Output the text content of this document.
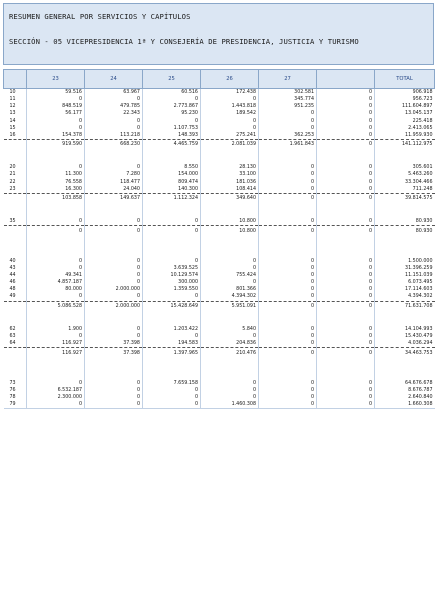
RESUMEN GENERAL POR SERVICIOS Y CAPÍTULOS
SECCIÓN - 05 VICEPRESIDENCIA 1ª Y CONSEJERÍA DE PRESIDENCIA, JUSTICIA Y TURISMO
	23	24	25	26	27		TOTAL
10	59.516	63.967	60.516	172.438	302.581	0	906.918
11	0	0	0	0	345.774	0	956.723
12	848.519	479.785	2.773.867	1.443.818	951.235	0	111.604.897
13	56.177	22.343	95.230	189.542	0	0	13.045.137
14	0	0	0	0	0	0	225.418
15	0	0	1.107.753	0	0	0	2.413.065
16	154.378	113.218	148.393	275.241	362.253	0	11.959.930
	919.590	668.230	4.465.759	2.081.039	1.961.843	0	141.112.975

20	0	0	8.550	28.130	0	0	305.601
21	11.300	7.280	154.000	33.100	0	0	5.463.260
22	76.558	118.477	809.474	181.036	0	0	33.304.466
23	16.300	24.040	140.300	108.414	0	0	711.248
	103.858	149.637	1.112.324	349.640	0	0	39.814.575

35	0	0	0	10.800	0	0	80.930
	0	0	0	10.800	0	0	80.930

40	0	0	0	0	0	0	1.500.000
43	0	0	3.639.525	0	0	0	31.396.259
44	49.341	0	10.129.574	755.424	0	0	11.151.039
46	4.857.187	0	300.000	0	0	0	6.073.495
48	80.000	2.000.000	1.359.550	801.366	0	0	17.114.603
49	0	0	0	4.394.302	0	0	4.394.302
	5.086.528	2.000.000	15.428.649	5.951.091	0	0	71.631.708

62	1.900	0	1.203.422	5.840	0	0	14.104.993
63	0	0	0	0	0	0	15.430.479
64	116.927	37.398	194.583	204.836	0	0	4.036.294
	116.927	37.398	1.397.965	210.476	0	0	34.463.753

73	0	0	7.659.158	0	0	0	64.676.678
76	6.532.187	0	0	0	0	0	8.676.787
78	2.300.000	0	0	0	0	0	2.640.840
79	0	0	0	1.460.308	0	0	1.660.308
